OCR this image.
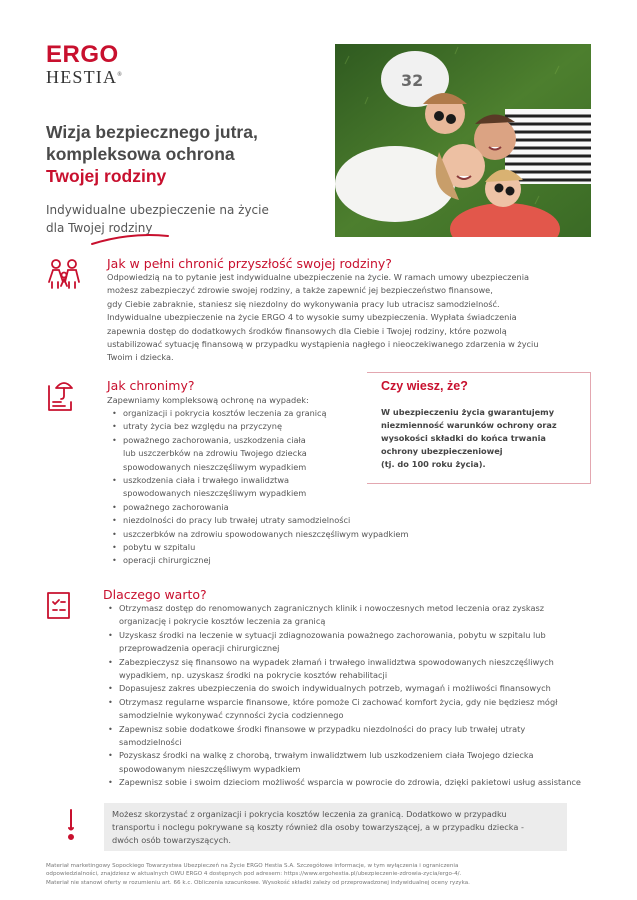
ERGO
HESTIA®	32
Wizja bezpiecznego jutra,
kompleksowa ochrona
Twojej rodziny
Indywidualne ubezpieczenie na życie
dla Twojej rodziny
Jak w pełni chronić przyszłość swojej rodziny?

Odpowiedzią na to pytanie jest indywidualne ubezpieczenie na życie. W ramach umowy ubezpieczenia

możesz zabezpieczyć zdrowie swojej rodziny, a także zapewnić jej bezpieczeństwo finansowe,

gdy Ciebie zabraknie, staniesz się niezdolny do wykonywania pracy lub utracisz samodzielność.

Indywidualne ubezpieczenie na życie ERGO 4 to wysokie sumy ubezpieczenia. Wypłata świadczenia

zapewnia dostęp do dodatkowych środków finansowych dla Ciebie i Twojej rodziny, które pozwolą

ustabilizować sytuację finansową w przypadku wystąpienia nagłego i nieoczekiwanego zdarzenia w życiu

Twoim i dziecka.

Jak chronimy?
Zapewniamy kompleksową ochronę na wypadek:
• organizacji i pokrycia kosztów leczenia za granicą
• utraty życia bez względu na przyczynę
• poważnego zachorowania, uszkodzenia ciała
lub uszczerbków na zdrowiu Twojego dziecka
spowodowanych nieszczęśliwym wypadkiem
• uszkodzenia ciała i trwałego inwalidztwa
spowodowanych nieszczęśliwym wypadkiem
• poważnego zachorowania
• niezdolności do pracy lub trwałej utraty samodzielności
• uszczerbków na zdrowiu spowodowanych nieszczęśliwym wypadkiem
• pobytu w szpitalu
• operacji chirurgicznej
Czy wiesz, że?
W ubezpieczeniu życia gwarantujemy
niezmienność warunków ochrony oraz
wysokości składki do końca trwania
ochrony ubezpieczeniowej
(tj. do 100 roku życia).
Dlaczego warto?
• Otrzymasz dostęp do renomowanych zagranicznych klinik i nowoczesnych metod leczenia oraz zyskasz
organizację i pokrycie kosztów leczenia za granicą
• Uzyskasz środki na leczenie w sytuacji zdiagnozowania poważnego zachorowania, pobytu w szpitalu lub
przeprowadzenia operacji chirurgicznej
• Zabezpieczysz się finansowo na wypadek złamań i trwałego inwalidztwa spowodowanych nieszczęśliwych
wypadkiem, np. uzyskasz środki na pokrycie kosztów rehabilitacji
• Dopasujesz zakres ubezpieczenia do swoich indywidualnych potrzeb, wymagań i możliwości finansowych
• Otrzymasz regularne wsparcie finansowe, które pomoże Ci zachować komfort życia, gdy nie będziesz mógł
samodzielnie wykonywać czynności życia codziennego
• Zapewnisz sobie dodatkowe środki finansowe w przypadku niezdolności do pracy lub trwałej utraty
samodzielności
• Pozyskasz środki na walkę z chorobą, trwałym inwalidztwem lub uszkodzeniem ciała Twojego dziecka
spowodowanym nieszczęśliwym wypadkiem
• Zapewnisz sobie i swoim dzieciom możliwość wsparcia w powrocie do zdrowia, dzięki pakietowi usług assistance
Możesz skorzystać z organizacji i pokrycia kosztów leczenia za granicą. Dodatkowo w przypadku
transportu i noclegu pokrywane są koszty również dla osoby towarzyszącej, a w przypadku dziecka -
dwóch osób towarzyszących.

Materiał marketingowy Sopockiego Towarzystwa Ubezpieczeń na Życie ERGO Hestia S.A. Szczegółowe informacje, w tym wyłączenia i ograniczenia

odpowiedzialności, znajdziesz w aktualnych OWU ERGO 4 dostępnych pod adresem: https://www.ergohestia.pl/ubezpieczenie-zdrowia-zycia/ergo-4/.

Materiał nie stanowi oferty w rozumieniu art. 66 k.c. Obliczenia szacunkowe. Wysokość składki zależy od przeprowadzonej indywidualnej oceny ryzyka.
